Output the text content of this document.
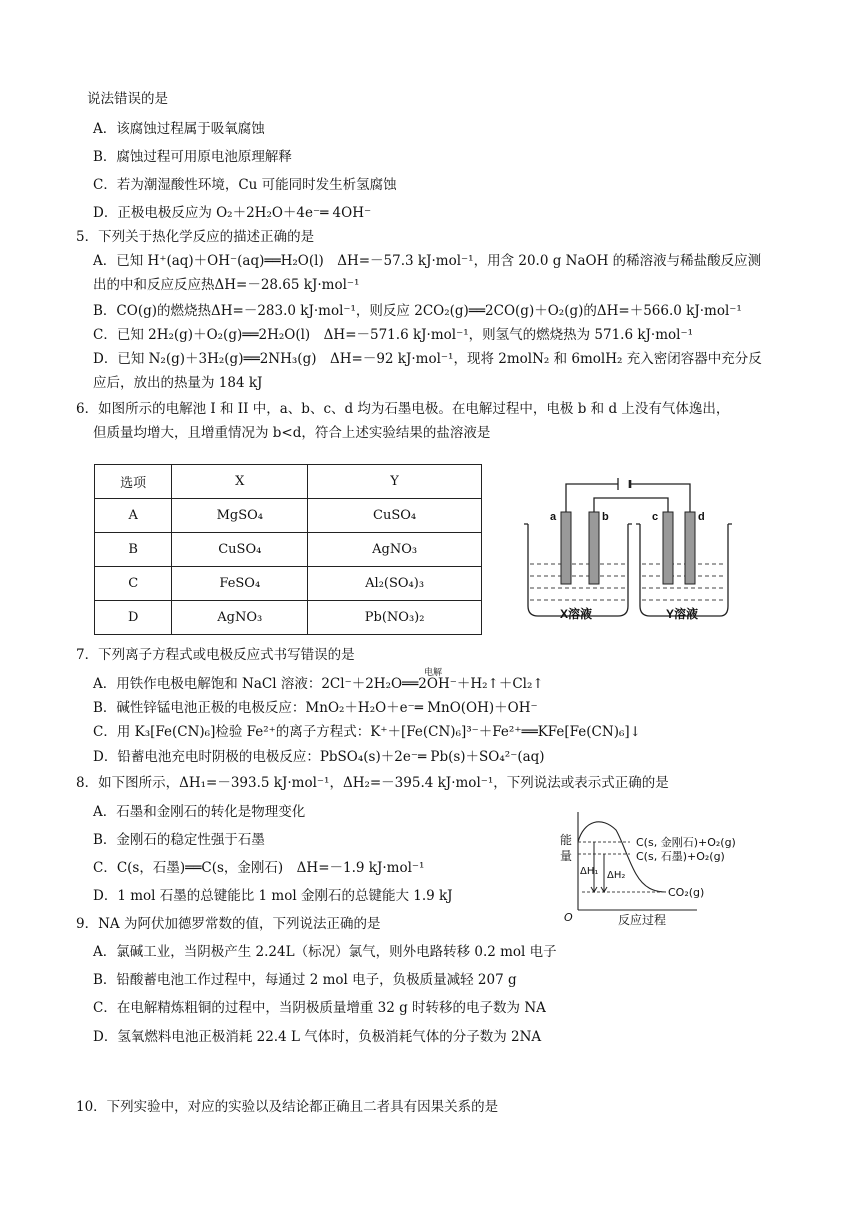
说法错误的是
A．该腐蚀过程属于吸氧腐蚀
B．腐蚀过程可用原电池原理解释
C．若为潮湿酸性环境，Cu 可能同时发生析氢腐蚀
D．正极电极反应为 O₂＋2H₂O＋4e⁻═ 4OH⁻
5．下列关于热化学反应的描述正确的是
A．已知 H⁺(aq)＋OH⁻(aq)══H₂O(l)　ΔH=－57.3 kJ·mol⁻¹，用含 20.0 g NaOH 的稀溶液与稀盐酸反应测
出的中和反应反应热ΔH=－28.65 kJ·mol⁻¹
B．CO(g)的燃烧热ΔH=－283.0 kJ·mol⁻¹，则反应 2CO₂(g)══2CO(g)＋O₂(g)的ΔH=＋566.0 kJ·mol⁻¹
C．已知 2H₂(g)＋O₂(g)══2H₂O(l)　ΔH=－571.6 kJ·mol⁻¹，则氢气的燃烧热为 571.6 kJ·mol⁻¹
D．已知 N₂(g)＋3H₂(g)══2NH₃(g)　ΔH=－92 kJ·mol⁻¹，现将 2molN₂ 和 6molH₂ 充入密闭容器中充分反
应后，放出的热量为 184 kJ
6．如图所示的电解池 I 和 II 中，a、b、c、d 均为石墨电极。在电解过程中，电极 b 和 d 上没有气体逸出，
但质量均增大，且增重情况为 b<d，符合上述实验结果的盐溶液是
7．下列离子方程式或电极反应式书写错误的是
A．用铁作电极电解饱和 NaCl 溶液：2Cl⁻＋2H₂O══2OH⁻＋H₂↑＋Cl₂↑
B．碱性锌锰电池正极的电极反应：MnO₂＋H₂O＋e⁻═ MnO(OH)＋OH⁻
C．用 K₃[Fe(CN)₆]检验 Fe²⁺的离子方程式：K⁺＋[Fe(CN)₆]³⁻＋Fe²⁺══KFe[Fe(CN)₆]↓
D．铅蓄电池充电时阴极的电极反应：PbSO₄(s)＋2e⁻═ Pb(s)＋SO₄²⁻(aq)
8．如下图所示，ΔH₁=－393.5 kJ·mol⁻¹，ΔH₂=－395.4 kJ·mol⁻¹，下列说法或表示式正确的是
A．石墨和金刚石的转化是物理变化
B．金刚石的稳定性强于石墨
C．C(s，石墨)══C(s，金刚石)　ΔH=－1.9 kJ·mol⁻¹
D．1 mol 石墨的总键能比 1 mol 金刚石的总键能大 1.9 kJ
9．NA 为阿伏加德罗常数的值，下列说法正确的是
A．氯碱工业，当阴极产生 2.24L（标况）氯气，则外电路转移 0.2 mol 电子
B．铅酸蓄电池工作过程中，每通过 2 mol 电子，负极质量减轻 207 g
C．在电解精炼粗铜的过程中，当阴极质量增重 32 g 时转移的电子数为 NA
D．氢氧燃料电池正极消耗 22.4 L 气体时，负极消耗气体的分子数为 2NA
10．下列实验中，对应的实验以及结论都正确且二者具有因果关系的是
电解
选项	X	Y
A	MgSO₄	CuSO₄
B	CuSO₄	AgNO₃
C	FeSO₄	Al₂(SO₄)₃
D	AgNO₃	Pb(NO₃)₂
a	b	c	d
X溶液	Y溶液
能
量
C(s, 金刚石)+O₂(g)
C(s, 石墨)+O₂(g)
CO₂(g)
ΔH₁ ΔH₂
O	反应过程
